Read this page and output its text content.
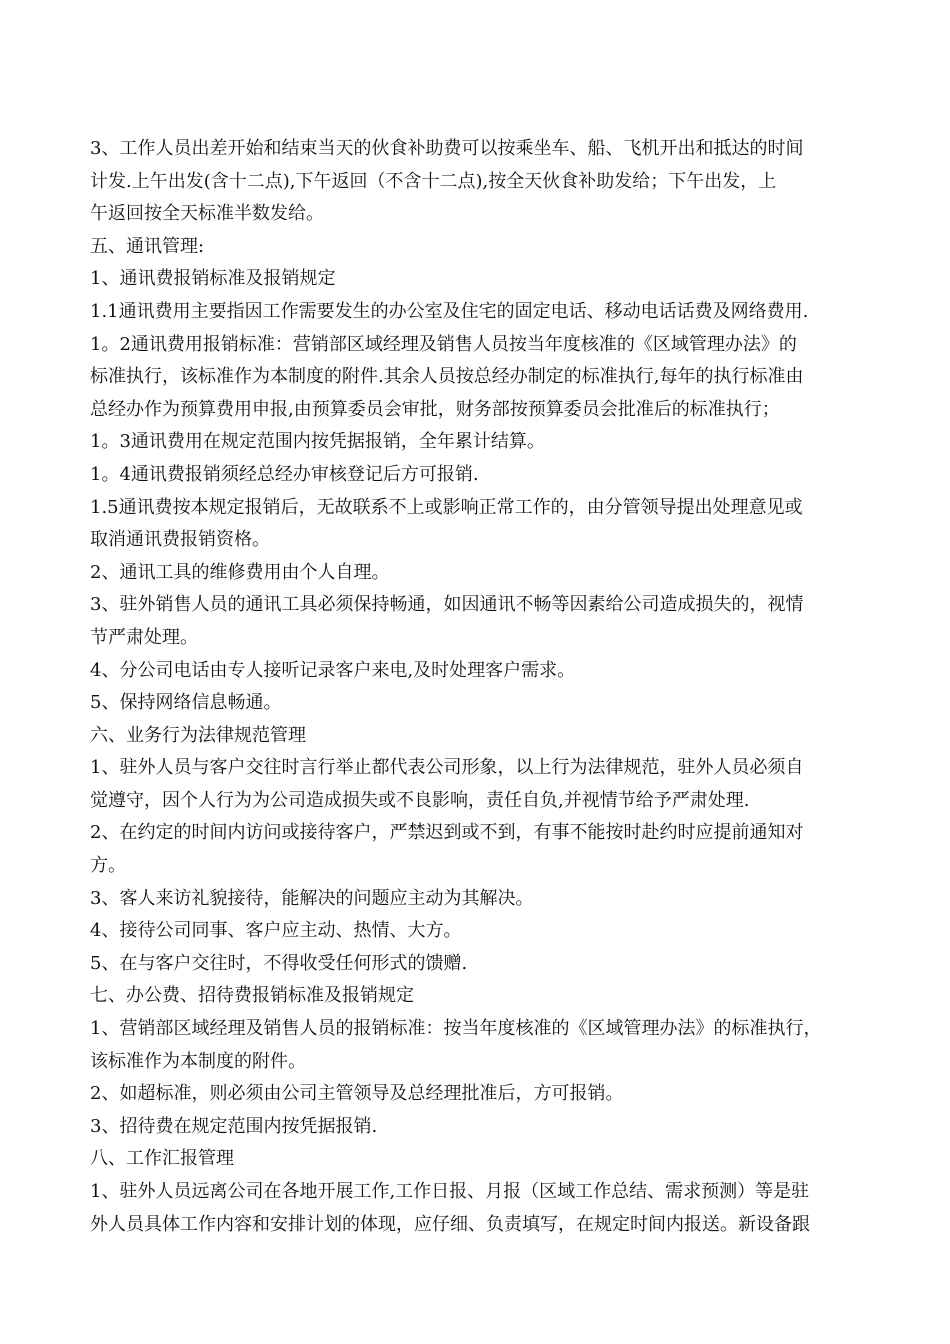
3、工作人员出差开始和结束当天的伙食补助费可以按乘坐车、船、飞机开出和抵达的时间
计发.上午出发(含十二点),下午返回（不含十二点),按全天伙食补助发给；下午出发，上
午返回按全天标准半数发给。
五、通讯管理:
1、通讯费报销标准及报销规定
1.1通讯费用主要指因工作需要发生的办公室及住宅的固定电话、移动电话话费及网络费用.
1。2通讯费用报销标准：营销部区域经理及销售人员按当年度核准的《区域管理办法》的
标准执行，该标准作为本制度的附件.其余人员按总经办制定的标准执行,每年的执行标准由
总经办作为预算费用申报,由预算委员会审批，财务部按预算委员会批准后的标准执行；
1。3通讯费用在规定范围内按凭据报销，全年累计结算。
1。4通讯费报销须经总经办审核登记后方可报销.
1.5通讯费按本规定报销后，无故联系不上或影响正常工作的，由分管领导提出处理意见或
取消通讯费报销资格。
2、通讯工具的维修费用由个人自理。
3、驻外销售人员的通讯工具必须保持畅通，如因通讯不畅等因素给公司造成损失的，视情
节严肃处理。
4、分公司电话由专人接听记录客户来电,及时处理客户需求。
5、保持网络信息畅通。
六、业务行为法律规范管理
1、驻外人员与客户交往时言行举止都代表公司形象，以上行为法律规范，驻外人员必须自
觉遵守，因个人行为为公司造成损失或不良影响，责任自负,并视情节给予严肃处理.
2、在约定的时间内访问或接待客户，严禁迟到或不到，有事不能按时赴约时应提前通知对
方。
3、客人来访礼貌接待，能解决的问题应主动为其解决。
4、接待公司同事、客户应主动、热情、大方。
5、在与客户交往时，不得收受任何形式的馈赠.
七、办公费、招待费报销标准及报销规定
1、营销部区域经理及销售人员的报销标准：按当年度核准的《区域管理办法》的标准执行，
该标准作为本制度的附件。
2、如超标准，则必须由公司主管领导及总经理批准后，方可报销。
3、招待费在规定范围内按凭据报销.
八、工作汇报管理
1、驻外人员远离公司在各地开展工作,工作日报、月报（区域工作总结、需求预测）等是驻
外人员具体工作内容和安排计划的体现，应仔细、负责填写，在规定时间内报送。新设备跟
